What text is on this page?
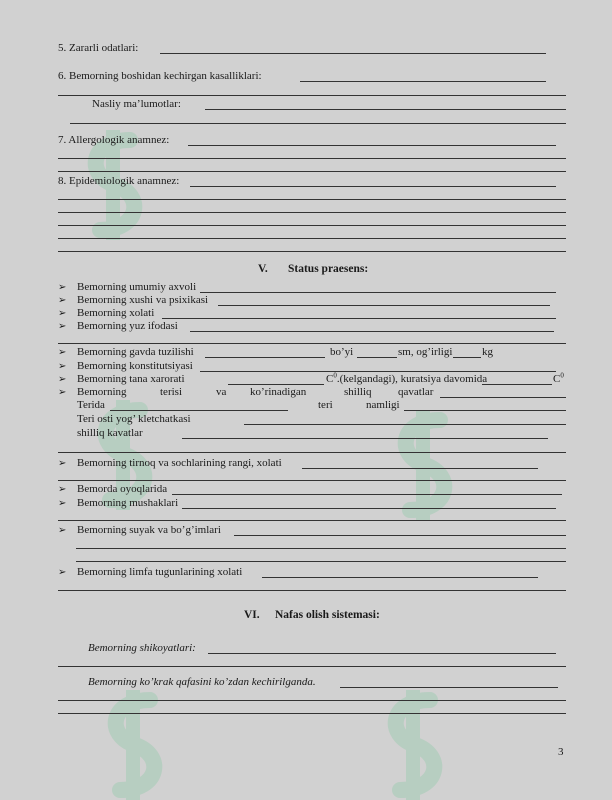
5. Zararli odatlari:
6. Bemorning boshidan kechirgan kasalliklari:
Nasliy ma’lumotlar:
7. Allergologik anamnez:
8. Epidemiologik anamnez:
V. Status praesens:
➢ Bemorning umumiy axvoli
➢ Bemorning xushi va psixikasi
➢ Bemorning xolati
➢ Bemorning yuz ifodasi
➢ Bemorning gavda tuzilishi	bo’yi	sm, og’irligi	kg
➢ Bemorning konstitutsiyasi
➢ Bemorning tana xarorati	$C^0.(kelgandagi)$, kuratsiya davomida	$C^0$
➢ Bemorning	terisi	va ko’rinadigan	shilliq qavatlar
Terida	teri	namligi
Teri osti yog’ kletchatkasi
shilliq kavatlar
➢ Bemorning tirnoq va sochlarining rangi, xolati
➢ Bemorda oyoqlarida
➢ Bemorning mushaklari
➢ Bemorning suyak va bo’g’imlari
➢ Bemorning limfa tugunlarining xolati
VI. Nafas olish sistemasi:
Bemorning shikoyatlari:
Bemorning ko’krak qafasini ko’zdan kechirilganda.
3
